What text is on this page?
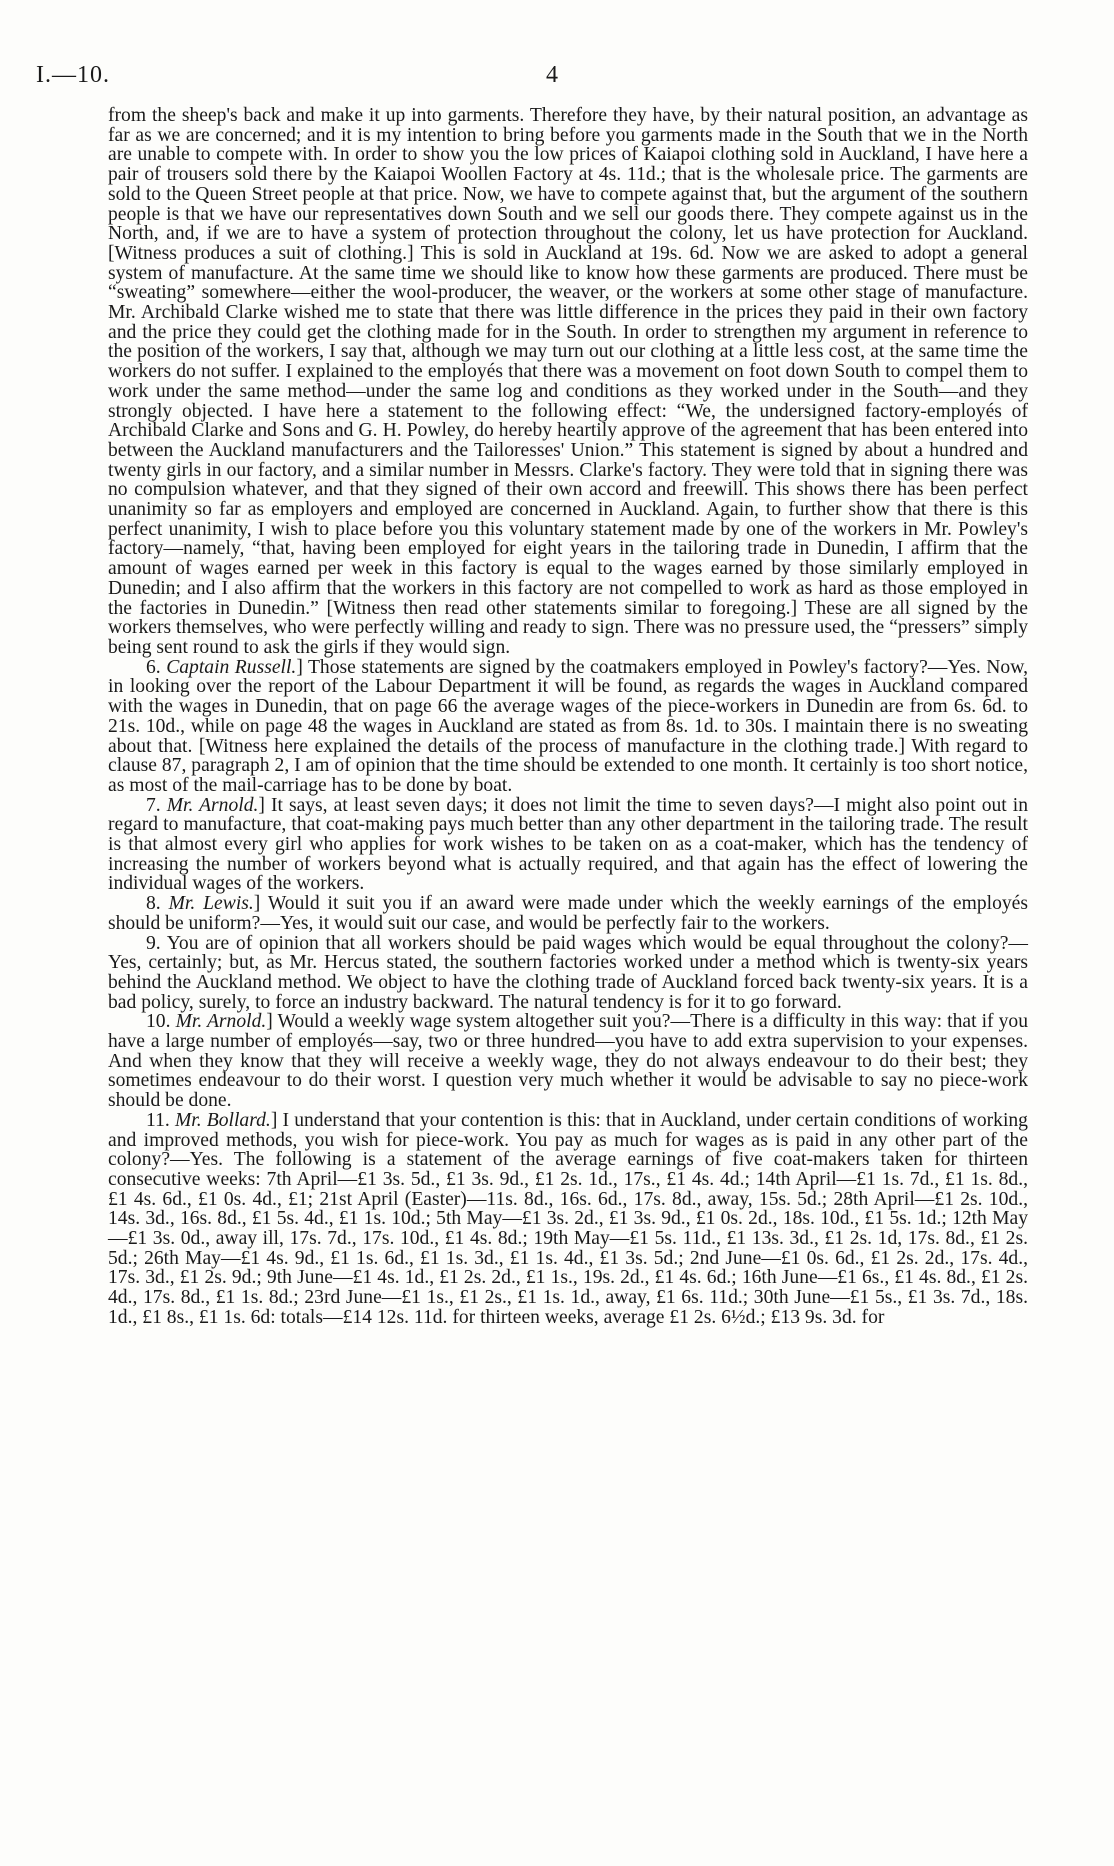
I.—10.	4

from the sheep's back and make it up into garments. Therefore they have, by their natural position, an advantage as far as we are concerned; and it is my intention to bring before you garments made in the South that we in the North are unable to compete with. In order to show you the low prices of Kaiapoi clothing sold in Auckland, I have here a pair of trousers sold there by the Kaiapoi Woollen Factory at 4s. 11d.; that is the wholesale price. The garments are sold to the Queen Street people at that price. Now, we have to compete against that, but the argument of the southern people is that we have our representatives down South and we sell our goods there. They compete against us in the North, and, if we are to have a system of protection throughout the colony, let us have protection for Auckland. [Witness produces a suit of clothing.] This is sold in Auckland at 19s. 6d. Now we are asked to adopt a general system of manufacture. At the same time we should like to know how these garments are produced. There must be “sweating” somewhere—either the wool-producer, the weaver, or the workers at some other stage of manufacture. Mr. Archibald Clarke wished me to state that there was little difference in the prices they paid in their own factory and the price they could get the clothing made for in the South. In order to strengthen my argument in reference to the position of the workers, I say that, although we may turn out our clothing at a little less cost, at the same time the workers do not suffer. I explained to the employés that there was a movement on foot down South to compel them to work under the same method—under the same log and conditions as they worked under in the South—and they strongly objected. I have here a statement to the following effect: “We, the undersigned factory-employés of Archibald Clarke and Sons and G. H. Powley, do hereby heartily approve of the agreement that has been entered into between the Auckland manufacturers and the Tailoresses' Union.” This statement is signed by about a hundred and twenty girls in our factory, and a similar number in Messrs. Clarke's factory. They were told that in signing there was no compulsion whatever, and that they signed of their own accord and freewill. This shows there has been perfect unanimity so far as employers and employed are concerned in Auckland. Again, to further show that there is this perfect unanimity, I wish to place before you this voluntary statement made by one of the workers in Mr. Powley's factory—namely, “that, having been employed for eight years in the tailoring trade in Dunedin, I affirm that the amount of wages earned per week in this factory is equal to the wages earned by those similarly employed in Dunedin; and I also affirm that the workers in this factory are not compelled to work as hard as those employed in the factories in Dunedin.” [Witness then read other statements similar to foregoing.] These are all signed by the workers themselves, who were perfectly willing and ready to sign. There was no pressure used, the “pressers” simply being sent round to ask the girls if they would sign.

6. Captain Russell.] Those statements are signed by the coatmakers employed in Powley's factory?—Yes. Now, in looking over the report of the Labour Department it will be found, as regards the wages in Auckland compared with the wages in Dunedin, that on page 66 the average wages of the piece-workers in Dunedin are from 6s. 6d. to 21s. 10d., while on page 48 the wages in Auckland are stated as from 8s. 1d. to 30s. I maintain there is no sweating about that. [Witness here explained the details of the process of manufacture in the clothing trade.] With regard to clause 87, paragraph 2, I am of opinion that the time should be extended to one month. It certainly is too short notice, as most of the mail-carriage has to be done by boat.

7. Mr. Arnold.] It says, at least seven days; it does not limit the time to seven days?—I might also point out in regard to manufacture, that coat-making pays much better than any other department in the tailoring trade. The result is that almost every girl who applies for work wishes to be taken on as a coat-maker, which has the tendency of increasing the number of workers beyond what is actually required, and that again has the effect of lowering the individual wages of the workers.

8. Mr. Lewis.] Would it suit you if an award were made under which the weekly earnings of the employés should be uniform?—Yes, it would suit our case, and would be perfectly fair to the workers.

9. You are of opinion that all workers should be paid wages which would be equal throughout the colony?—Yes, certainly; but, as Mr. Hercus stated, the southern factories worked under a method which is twenty-six years behind the Auckland method. We object to have the clothing trade of Auckland forced back twenty-six years. It is a bad policy, surely, to force an industry backward. The natural tendency is for it to go forward.

10. Mr. Arnold.] Would a weekly wage system altogether suit you?—There is a difficulty in this way: that if you have a large number of employés—say, two or three hundred—you have to add extra supervision to your expenses. And when they know that they will receive a weekly wage, they do not always endeavour to do their best; they sometimes endeavour to do their worst. I question very much whether it would be advisable to say no piece-work should be done.

11. Mr. Bollard.] I understand that your contention is this: that in Auckland, under certain conditions of working and improved methods, you wish for piece-work. You pay as much for wages as is paid in any other part of the colony?—Yes. The following is a statement of the average earnings of five coat-makers taken for thirteen consecutive weeks: 7th April—£1 3s. 5d., £1 3s. 9d., £1 2s. 1d., 17s., £1 4s. 4d.; 14th April—£1 1s. 7d., £1 1s. 8d., £1 4s. 6d., £1 0s. 4d., £1; 21st April (Easter)—11s. 8d., 16s. 6d., 17s. 8d., away, 15s. 5d.; 28th April—£1 2s. 10d., 14s. 3d., 16s. 8d., £1 5s. 4d., £1 1s. 10d.; 5th May—£1 3s. 2d., £1 3s. 9d., £1 0s. 2d., 18s. 10d., £1 5s. 1d.; 12th May—£1 3s. 0d., away ill, 17s. 7d., 17s. 10d., £1 4s. 8d.; 19th May—£1 5s. 11d., £1 13s. 3d., £1 2s. 1d, 17s. 8d., £1 2s. 5d.; 26th May—£1 4s. 9d., £1 1s. 6d., £1 1s. 3d., £1 1s. 4d., £1 3s. 5d.; 2nd June—£1 0s. 6d., £1 2s. 2d., 17s. 4d., 17s. 3d., £1 2s. 9d.; 9th June—£1 4s. 1d., £1 2s. 2d., £1 1s., 19s. 2d., £1 4s. 6d.; 16th June—£1 6s., £1 4s. 8d., £1 2s. 4d., 17s. 8d., £1 1s. 8d.; 23rd June—£1 1s., £1 2s., £1 1s. 1d., away, £1 6s. 11d.; 30th June—£1 5s., £1 3s. 7d., 18s. 1d., £1 8s., £1 1s. 6d: totals—£14 12s. 11d. for thirteen weeks, average £1 2s. 6½d.; £13 9s. 3d. for
